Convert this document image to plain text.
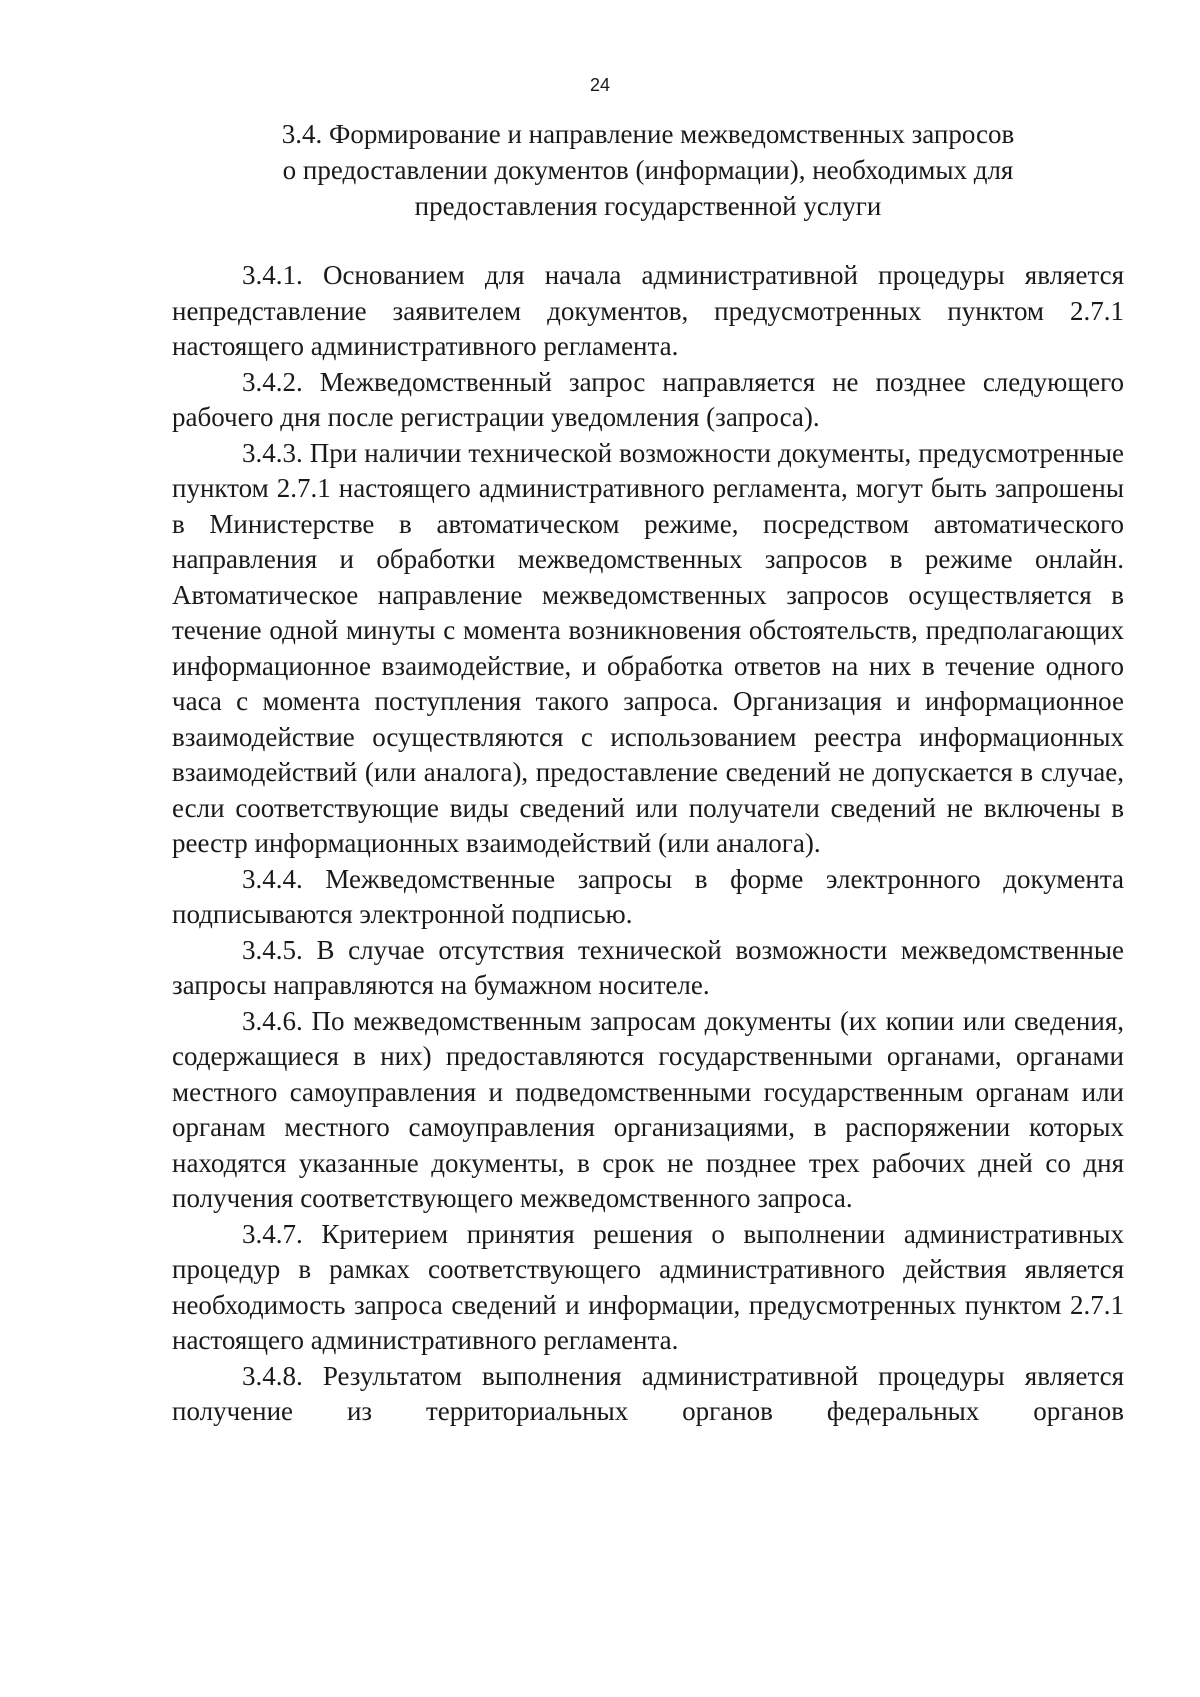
24
3.4. Формирование и направление межведомственных запросов
о предоставлении документов (информации), необходимых для
предоставления государственной услуги

3.4.1. Основанием для начала административной процедуры является непредставление заявителем документов, предусмотренных пунктом 2.7.1 настоящего административного регламента.

3.4.2. Межведомственный запрос направляется не позднее следующего рабочего дня после регистрации уведомления (запроса).

3.4.3. При наличии технической возможности документы, предусмотренные пунктом 2.7.1 настоящего административного регламента, могут быть запрошены в Министерстве в автоматическом режиме, посредством автоматического направления и обработки межведомственных запросов в режиме онлайн. Автоматическое направление межведомственных запросов осуществляется в течение одной минуты с момента возникновения обстоятельств, предполагающих информационное взаимодействие, и обработка ответов на них в течение одного часа с момента поступления такого запроса. Организация и информационное взаимодействие осуществляются с использованием реестра информационных взаимодействий (или аналога), предоставление сведений не допускается в случае, если соответствующие виды сведений или получатели сведений не включены в реестр информационных взаимодействий (или аналога).

3.4.4. Межведомственные запросы в форме электронного документа подписываются электронной подписью.

3.4.5. В случае отсутствия технической возможности межведомственные запросы направляются на бумажном носителе.

3.4.6. По межведомственным запросам документы (их копии или сведения, содержащиеся в них) предоставляются государственными органами, органами местного самоуправления и подведомственными государственным органам или органам местного самоуправления организациями, в распоряжении которых находятся указанные документы, в срок не позднее трех рабочих дней со дня получения соответствующего межведомственного запроса.

3.4.7. Критерием принятия решения о выполнении административных процедур в рамках соответствующего административного действия является необходимость запроса сведений и информации, предусмотренных пунктом 2.7.1 настоящего административного регламента.

3.4.8. Результатом выполнения административной процедуры является получение из территориальных органов федеральных органов
